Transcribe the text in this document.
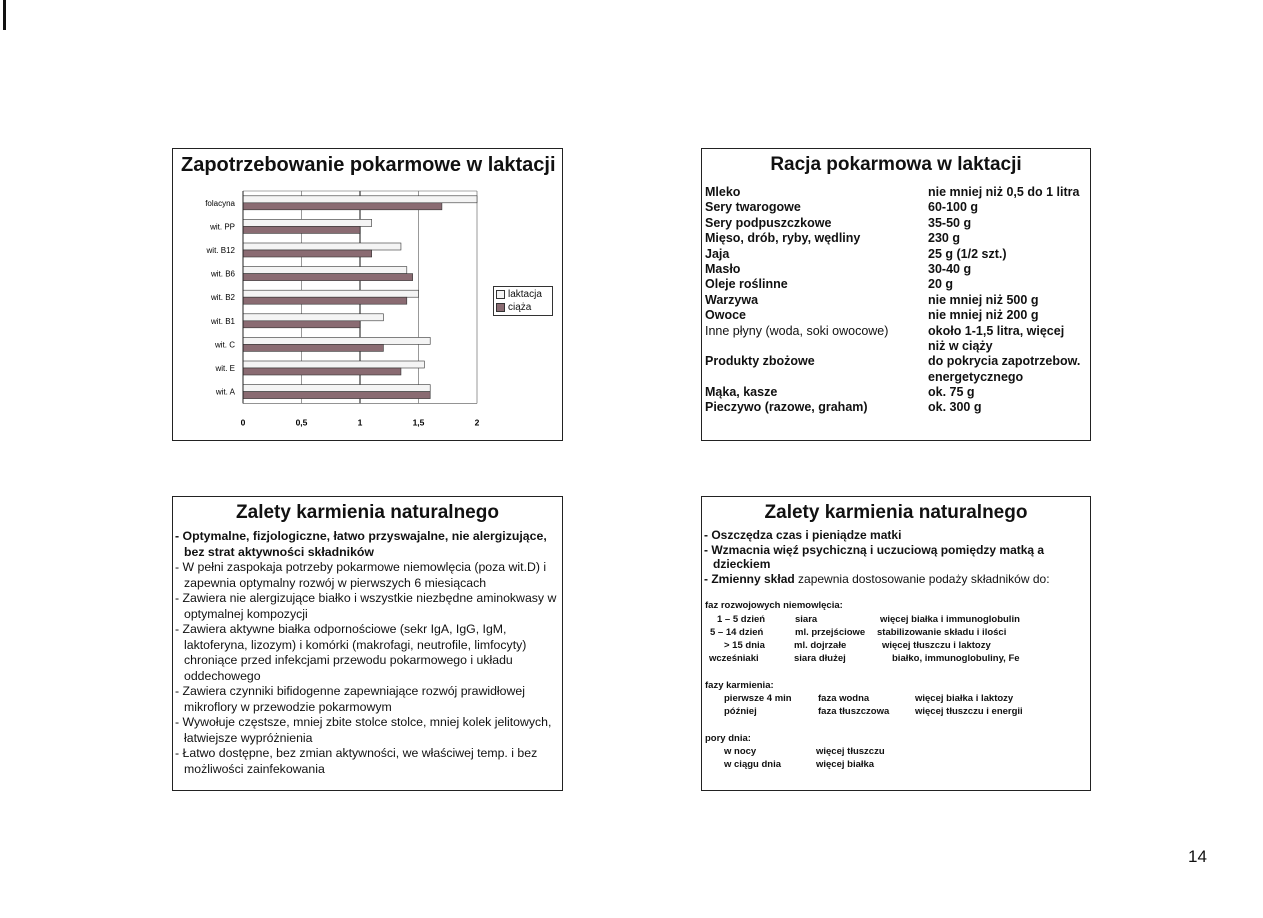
Zapotrzebowanie pokarmowe w laktacji
0	0,5	1	1,5	2
folacyna
wit. PP
wit. B12
wit. B6
wit. B2
wit. B1
wit. C
wit. E
wit. A
laktacja
ciąża
Racja pokarmowa w laktacji
Mleko	nie mniej niż 0,5 do 1 litra
Sery twarogowe	60-100 g
Sery podpuszczkowe	35-50 g
Mięso, drób, ryby, wędliny	230 g
Jaja	25 g (1/2 szt.)
Masło	30-40 g
Oleje roślinne	20 g
Warzywa	nie mniej niż 500 g
Owoce	nie mniej niż 200 g
Inne płyny (woda, soki owocowe)	około 1-1,5 litra, więcej
niż w ciąży
Produkty zbożowe	do pokrycia zapotrzebow.
energetycznego
Mąka, kasze	ok. 75 g
Pieczywo (razowe, graham)	ok. 300 g
Zalety karmienia naturalnego
- Optymalne, fizjologiczne, łatwo przyswajalne, nie alergizujące, bez strat aktywności składników
- W pełni zaspokaja potrzeby pokarmowe niemowlęcia (poza wit.D) i zapewnia optymalny rozwój w pierwszych 6 miesiącach
- Zawiera nie alergizujące białko i wszystkie niezbędne aminokwasy w optymalnej kompozycji
- Zawiera aktywne białka odpornościowe (sekr IgA, IgG, IgM, laktoferyna, lizozym) i komórki (makrofagi, neutrofile, limfocyty) chroniące przed infekcjami przewodu pokarmowego i układu oddechowego
- Zawiera czynniki bifidogenne zapewniające rozwój prawidłowej mikroflory w przewodzie pokarmowym
- Wywołuje częstsze, mniej zbite stolce stolce, mniej kolek jelitowych, łatwiejsze wypróżnienia
- Łatwo dostępne, bez zmian aktywności, we właściwej temp. i bez możliwości zainfekowania
Zalety karmienia naturalnego
- Oszczędza czas i pieniądze matki
- Wzmacnia więź psychiczną i uczuciową pomiędzy matką a dzieckiem
- Zmienny skład zapewnia dostosowanie podaży składników do:
faz rozwojowych niemowlęcia:
1 – 5 dzień	siara	więcej białka i immunoglobulin
5 – 14 dzień	ml. przejściowe stabilizowanie składu i ilości
> 15 dnia	ml. dojrzałe	więcej tłuszczu i laktozy
wcześniaki	siara dłużej	białko, immunoglobuliny, Fe
fazy karmienia:
pierwsze 4 min	faza wodna	więcej białka i laktozy
później	faza tłuszczowa	więcej tłuszczu i energii
pory dnia:
w nocy	więcej tłuszczu
w ciągu dnia	więcej białka
14
